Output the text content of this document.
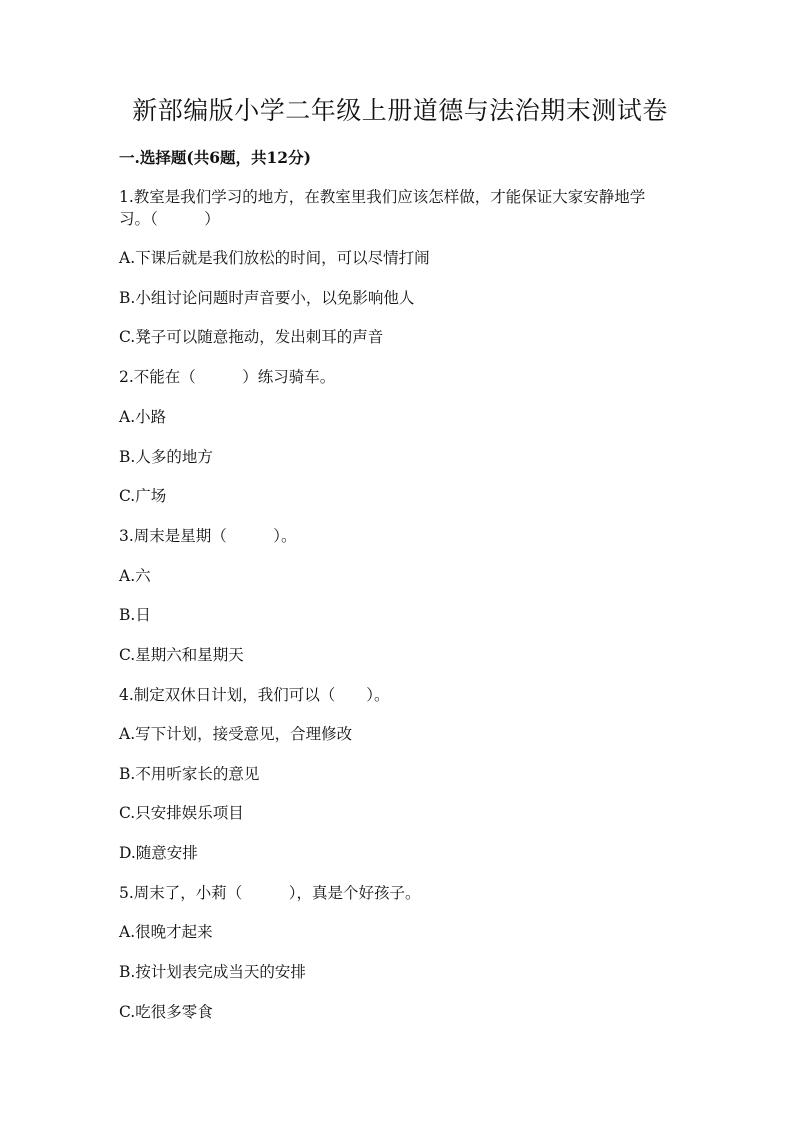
新部编版小学二年级上册道德与法治期末测试卷
一.选择题(共6题，共12分)
1.教室是我们学习的地方，在教室里我们应该怎样做，才能保证大家安静地学
习。（　　　）
A.下课后就是我们放松的时间，可以尽情打闹
B.小组讨论问题时声音要小，以免影响他人
C.凳子可以随意拖动，发出刺耳的声音
2.不能在（　　　）练习骑车。
A.小路
B.人多的地方
C.广场
3.周末是星期（　　　）。
A.六
B.日
C.星期六和星期天
4.制定双休日计划，我们可以（　　）。
A.写下计划，接受意见，合理修改
B.不用听家长的意见
C.只安排娱乐项目
D.随意安排
5.周末了，小莉（　　　），真是个好孩子。
A.很晚才起来
B.按计划表完成当天的安排
C.吃很多零食
